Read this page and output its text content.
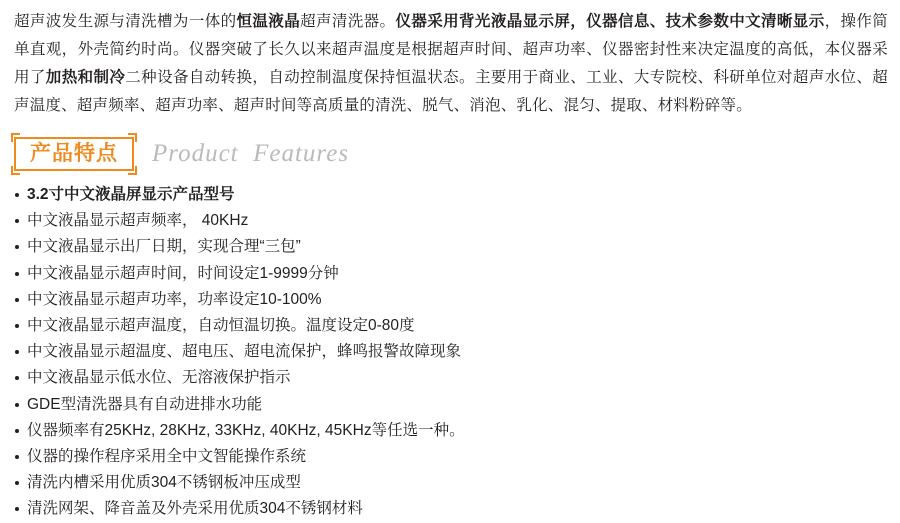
超声波发生源与清洗槽为一体的恒温液晶超声清洗器。仪器采用背光液晶显示屏，仪器信息、技术参数中文清晰显示，操作简单直观，外壳简约时尚。仪器突破了长久以来超声温度是根据超声时间、超声功率、仪器密封性来决定温度的高低，本仪器采用了加热和制冷二种设备自动转换，自动控制温度保持恒温状态。主要用于商业、工业、大专院校、科研单位对超声水位、超声温度、超声频率、超声功率、超声时间等高质量的清洗、脱气、消泡、乳化、混匀、提取、材料粉碎等。

产品特点 Product  Features
3.2寸中文液晶屏显示产品型号
中文液晶显示超声频率， 40KHz
中文液晶显示出厂日期，实现合理“三包”
中文液晶显示超声时间，时间设定1-9999分钟
中文液晶显示超声功率，功率设定10-100%
中文液晶显示超声温度，自动恒温切换。温度设定0-80度
中文液晶显示超温度、超电压、超电流保护，蜂鸣报警故障现象
中文液晶显示低水位、无溶液保护指示
GDE型清洗器具有自动进排水功能
仪器频率有25KHz, 28KHz, 33KHz, 40KHz, 45KHz等任选一种。
仪器的操作程序采用全中文智能操作系统
清洗内槽采用优质304不锈钢板冲压成型
清洗网架、降音盖及外壳采用优质304不锈钢材料
